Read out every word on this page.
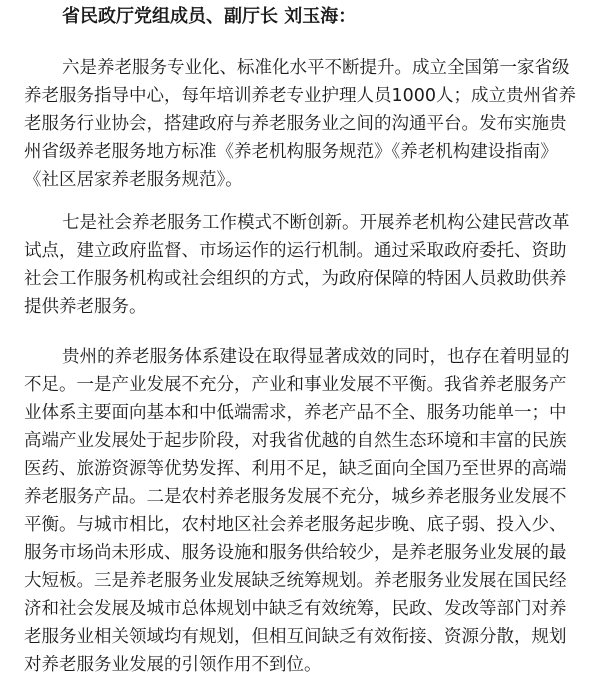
省民政厅党组成员、副厅长 刘玉海：
六是养老服务专业化、标准化水平不断提升。成立全国第一家省级
养老服务指导中心，每年培训养老专业护理人员1000人；成立贵州省养
老服务行业协会，搭建政府与养老服务业之间的沟通平台。发布实施贵
州省级养老服务地方标准《养老机构服务规范》《养老机构建设指南》
《社区居家养老服务规范》。
七是社会养老服务工作模式不断创新。开展养老机构公建民营改革
试点，建立政府监督、市场运作的运行机制。通过采取政府委托、资助
社会工作服务机构或社会组织的方式，为政府保障的特困人员救助供养
提供养老服务。
贵州的养老服务体系建设在取得显著成效的同时，也存在着明显的
不足。一是产业发展不充分，产业和事业发展不平衡。我省养老服务产
业体系主要面向基本和中低端需求，养老产品不全、服务功能单一；中
高端产业发展处于起步阶段，对我省优越的自然生态环境和丰富的民族
医药、旅游资源等优势发挥、利用不足，缺乏面向全国乃至世界的高端
养老服务产品。二是农村养老服务发展不充分，城乡养老服务业发展不
平衡。与城市相比，农村地区社会养老服务起步晚、底子弱、投入少、
服务市场尚未形成、服务设施和服务供给较少，是养老服务业发展的最
大短板。三是养老服务业发展缺乏统筹规划。养老服务业发展在国民经
济和社会发展及城市总体规划中缺乏有效统筹，民政、发改等部门对养
老服务业相关领域均有规划，但相互间缺乏有效衔接、资源分散，规划
对养老服务业发展的引领作用不到位。
